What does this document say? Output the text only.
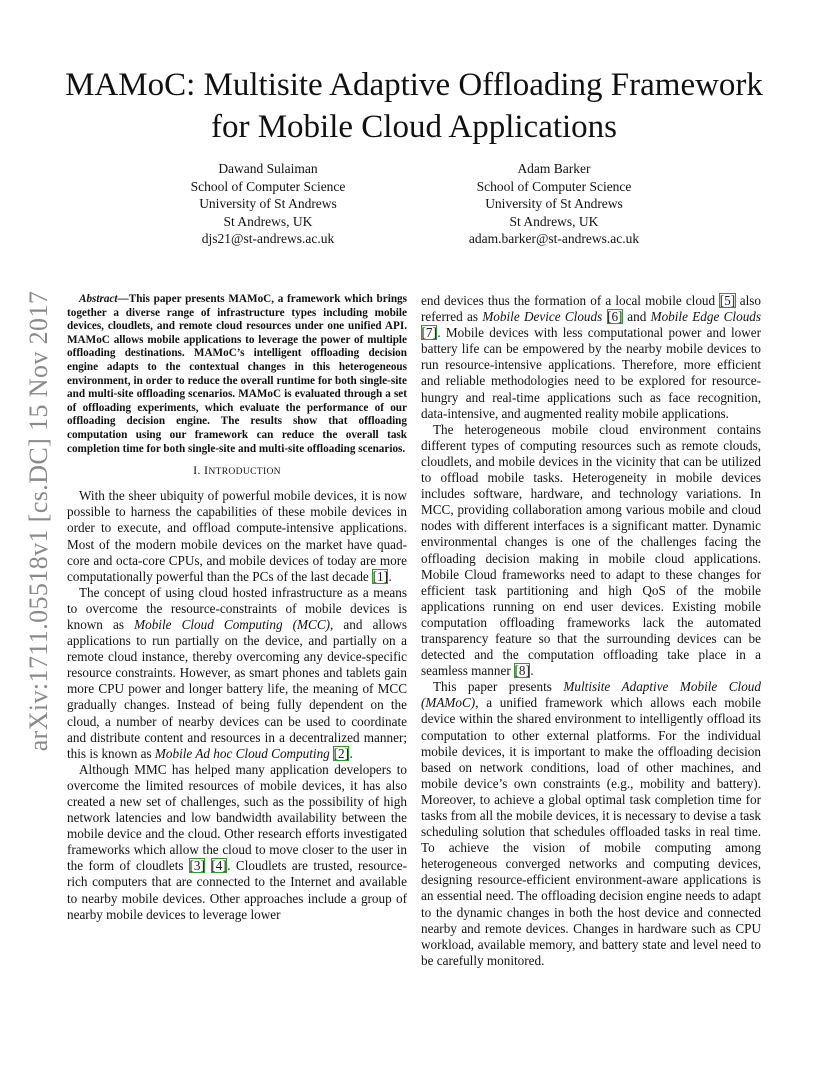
arXiv:1711.05518v1 [cs.DC] 15 Nov 2017
MAMoC: Multisite Adaptive Offloading Framework
for Mobile Cloud Applications
Dawand Sulaiman
School of Computer Science
University of St Andrews
St Andrews, UK
djs21@st-andrews.ac.uk
Adam Barker
School of Computer Science
University of St Andrews
St Andrews, UK
adam.barker@st-andrews.ac.uk

Abstract—This paper presents MAMoC, a framework which brings together a diverse range of infrastructure types including mobile devices, cloudlets, and remote cloud resources under one unified API. MAMoC allows mobile applications to leverage the power of multiple offloading destinations. MAMoC’s intelligent offloading decision engine adapts to the contextual changes in this heterogeneous environment, in order to reduce the overall runtime for both single-site and multi-site offloading scenarios. MAMoC is evaluated through a set of offloading experiments, which evaluate the performance of our offloading decision engine. The results show that offloading computation using our framework can reduce the overall task completion time for both single-site and multi-site offloading scenarios.

I. INTRODUCTION

With the sheer ubiquity of powerful mobile devices, it is now possible to harness the capabilities of these mobile devices in order to execute, and offload compute-intensive applications. Most of the modern mobile devices on the market have quad-core and octa-core CPUs, and mobile devices of today are more computationally powerful than the PCs of the last decade [1].

The concept of using cloud hosted infrastructure as a means to overcome the resource-constraints of mobile devices is known as Mobile Cloud Computing (MCC), and allows applications to run partially on the device, and partially on a remote cloud instance, thereby overcoming any device-specific resource constraints. However, as smart phones and tablets gain more CPU power and longer battery life, the meaning of MCC gradually changes. Instead of being fully dependent on the cloud, a number of nearby devices can be used to coordinate and distribute content and resources in a decentralized manner; this is known as Mobile Ad hoc Cloud Computing [2].

Although MMC has helped many application developers to overcome the limited resources of mobile devices, it has also created a new set of challenges, such as the possibility of high network latencies and low bandwidth availability between the mobile device and the cloud. Other research efforts investigated frameworks which allow the cloud to move closer to the user in the form of cloudlets [3] [4]. Cloudlets are trusted, resource-rich computers that are connected to the Internet and available to nearby mobile devices. Other approaches include a group of nearby mobile devices to leverage lower

end devices thus the formation of a local mobile cloud [5] also referred as Mobile Device Clouds [6] and Mobile Edge Clouds [7]. Mobile devices with less computational power and lower battery life can be empowered by the nearby mobile devices to run resource-intensive applications. Therefore, more efficient and reliable methodologies need to be explored for resource-hungry and real-time applications such as face recognition, data-intensive, and augmented reality mobile applications.

The heterogeneous mobile cloud environment contains different types of computing resources such as remote clouds, cloudlets, and mobile devices in the vicinity that can be utilized to offload mobile tasks. Heterogeneity in mobile devices includes software, hardware, and technology variations. In MCC, providing collaboration among various mobile and cloud nodes with different interfaces is a significant matter. Dynamic environmental changes is one of the challenges facing the offloading decision making in mobile cloud applications. Mobile Cloud frameworks need to adapt to these changes for efficient task partitioning and high QoS of the mobile applications running on end user devices. Existing mobile computation offloading frameworks lack the automated transparency feature so that the surrounding devices can be detected and the computation offloading take place in a seamless manner [8].

This paper presents Multisite Adaptive Mobile Cloud (MAMoC), a unified framework which allows each mobile device within the shared environment to intelligently offload its computation to other external platforms. For the individual mobile devices, it is important to make the offloading decision based on network conditions, load of other machines, and mobile device’s own constraints (e.g., mobility and battery). Moreover, to achieve a global optimal task completion time for tasks from all the mobile devices, it is necessary to devise a task scheduling solution that schedules offloaded tasks in real time. To achieve the vision of mobile computing among heterogeneous converged networks and computing devices, designing resource-efficient environment-aware applications is an essential need. The offloading decision engine needs to adapt to the dynamic changes in both the host device and connected nearby and remote devices. Changes in hardware such as CPU workload, available memory, and battery state and level need to be carefully monitored.
